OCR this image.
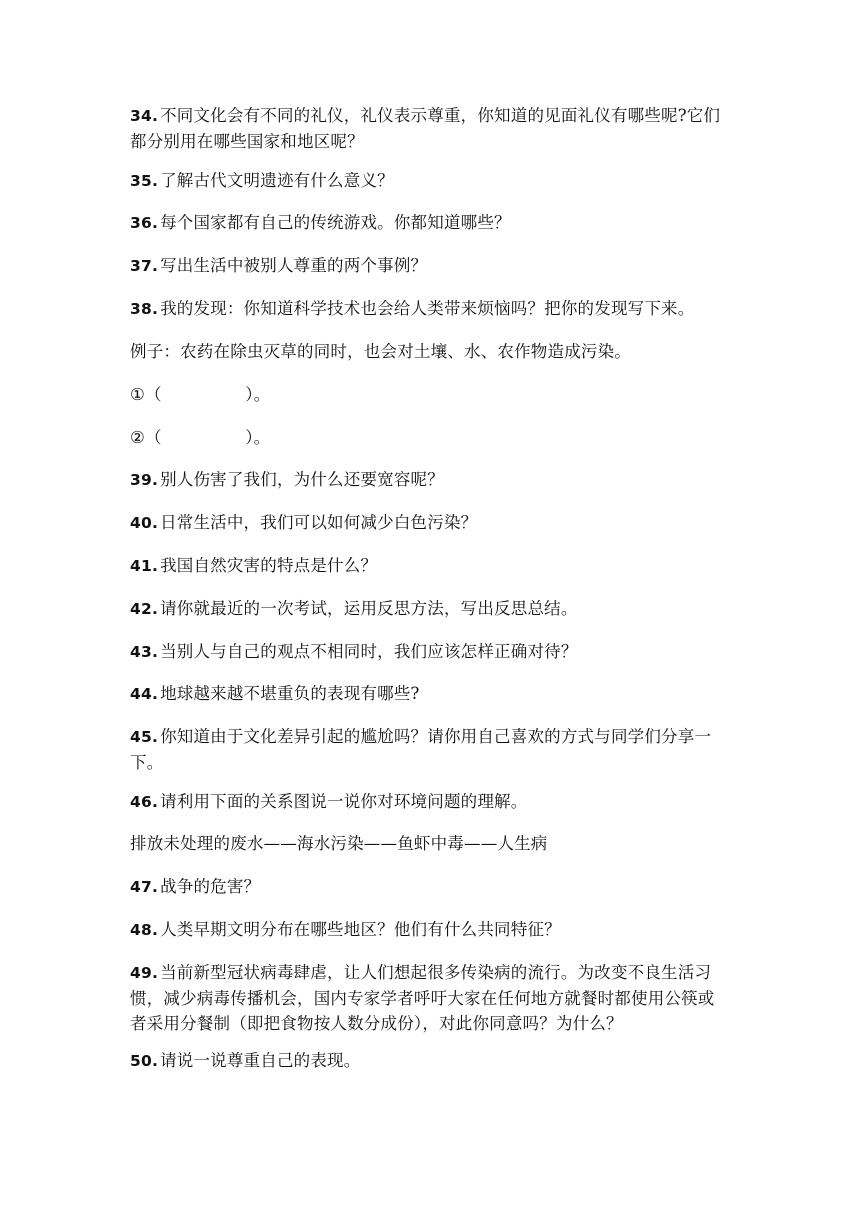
34. 不同文化会有不同的礼仪，礼仪表示尊重，你知道的见面礼仪有哪些呢?它们都分别用在哪些国家和地区呢？
35. 了解古代文明遗迹有什么意义？
36. 每个国家都有自己的传统游戏。你都知道哪些？
37. 写出生活中被别人尊重的两个事例？
38. 我的发现：你知道科学技术也会给人类带来烦恼吗？把你的发现写下来。
例子：农药在除虫灭草的同时，也会对土壤、水、农作物造成污染。
①（　　　　　）。
②（　　　　　）。
39. 别人伤害了我们，为什么还要宽容呢？
40. 日常生活中，我们可以如何减少白色污染？
41. 我国自然灾害的特点是什么？
42. 请你就最近的一次考试，运用反思方法，写出反思总结。
43. 当别人与自己的观点不相同时，我们应该怎样正确对待？
44. 地球越来越不堪重负的表现有哪些?
45. 你知道由于文化差异引起的尴尬吗？请你用自己喜欢的方式与同学们分享一下。
46. 请利用下面的关系图说一说你对环境问题的理解。
排放未处理的废水——海水污染——鱼虾中毒——人生病
47. 战争的危害？
48. 人类早期文明分布在哪些地区？他们有什么共同特征？
49. 当前新型冠状病毒肆虐，让人们想起很多传染病的流行。为改变不良生活习惯，减少病毒传播机会，国内专家学者呼吁大家在任何地方就餐时都使用公筷或者采用分餐制（即把食物按人数分成份），对此你同意吗？为什么？
50. 请说一说尊重自己的表现。
